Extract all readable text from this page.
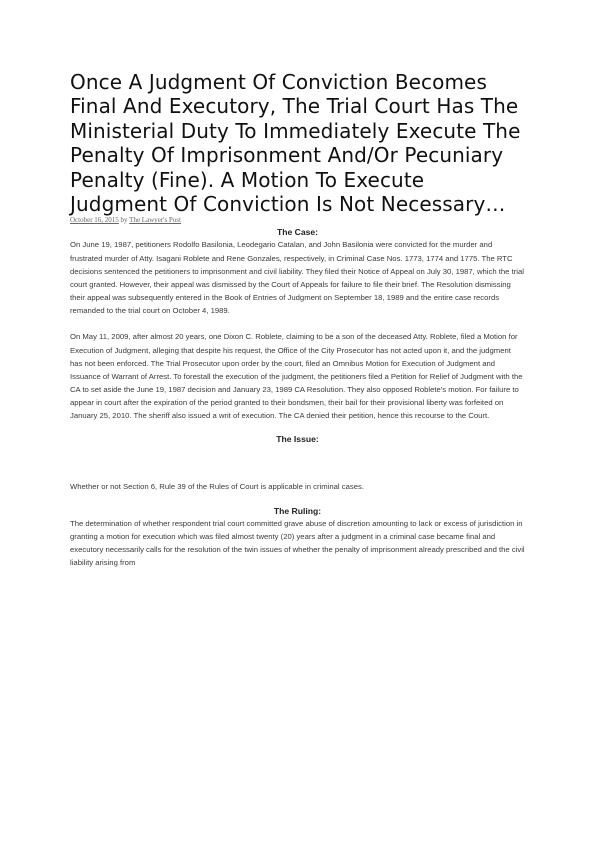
Once A Judgment Of Conviction Becomes Final And Executory, The Trial Court Has The Ministerial Duty To Immediately Execute The Penalty Of Imprisonment And/Or Pecuniary Penalty (Fine). A Motion To Execute Judgment Of Conviction Is Not Necessary…

October 16, 2015 by The Lawyer's Post

The Case:

On June 19, 1987, petitioners Rodolfo Basilonia, Leodegario Catalan, and John Basilonia were convicted for the murder and frustrated murder of Atty. Isagani Roblete and Rene Gonzales, respectively, in Criminal Case Nos. 1773, 1774 and 1775. The RTC decisions sentenced the petitioners to imprisonment and civil liability. They filed their Notice of Appeal on July 30, 1987, which the trial court granted. However, their appeal was dismissed by the Court of Appeals for failure to file their brief. The Resolution dismissing their appeal was subsequently entered in the Book of Entries of Judgment on September 18, 1989 and the entire case records remanded to the trial court on October 4, 1989.

On May 11, 2009, after almost 20 years, one Dixon C. Roblete, claiming to be a son of the deceased Atty. Roblete, filed a Motion for Execution of Judgment, alleging that despite his request, the Office of the City Prosecutor has not acted upon it, and the judgment has not been enforced. The Trial Prosecutor upon order by the court, filed an Omnibus Motion for Execution of Judgment and Issuance of Warrant of Arrest. To forestall the execution of the judgment, the petitioners filed a Petition for Relief of Judgment with the CA to set aside the June 19, 1987 decision and January 23, 1989 CA Resolution. They also opposed Roblete's motion. For failure to appear in court after the expiration of the period granted to their bondsmen, their bail for their provisional liberty was forfeited on January 25, 2010. The sheriff also issued a writ of execution. The CA denied their petition, hence this recourse to the Court.

The Issue:

Whether or not Section 6, Rule 39 of the Rules of Court is applicable in criminal cases.

The Ruling:

The determination of whether respondent trial court committed grave abuse of discretion amounting to lack or excess of jurisdiction in granting a motion for execution which was filed almost twenty (20) years after a judgment in a criminal case became final and executory necessarily calls for the resolution of the twin issues of whether the penalty of imprisonment already prescribed and the civil liability arising from
